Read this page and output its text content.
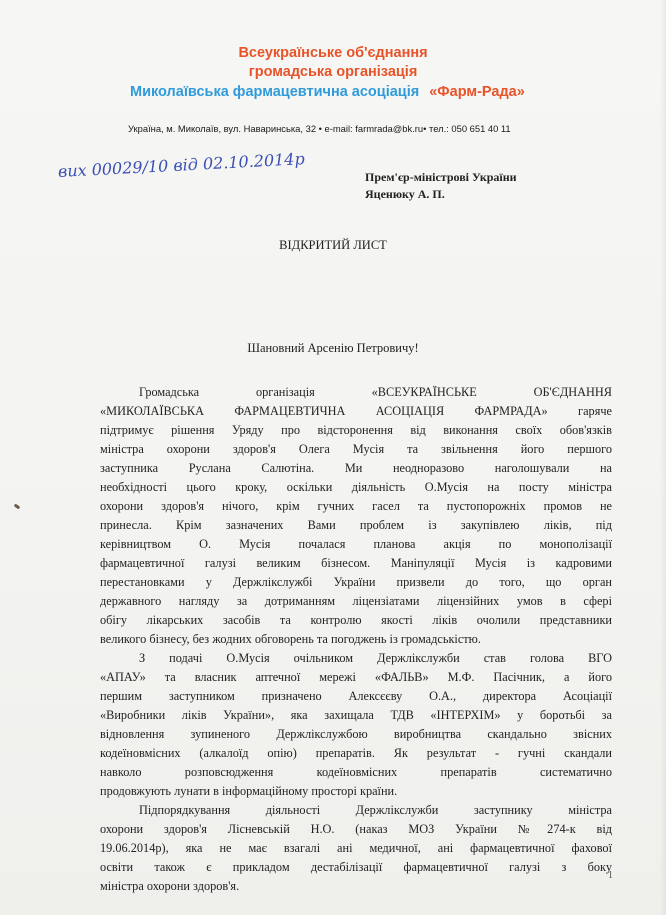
Всеукраїнське об'єднання
громадська організація
Миколаївська фармацевтична асоціація «Фарм-Рада»
Україна, м. Миколаїв, вул. Наваринська, 32 • e-mail: farmrada@bk.ru• тел.: 050 651 40 11
вих 00029/10 від 02.10.2014р	Прем'єр-міністрові України
Яценюку А. П.
ВІДКРИТИЙ ЛИСТ
Шановний Арсенію Петровичу!
Громадська організація «ВСЕУКРАЇНСЬКЕ ОБ'ЄДНАННЯ
«МИКОЛАЇВСЬКА ФАРМАЦЕВТИЧНА АСОЦІАЦІЯ ФАРМРАДА» гаряче
підтримує рішення Уряду про відсторонення від виконання своїх обов'язків
міністра охорони здоров'я Олега Мусія та звільнення його першого
заступника Руслана Салютіна. Ми неодноразово наголошували на
необхідності цього кроку, оскільки діяльність О.Мусія на посту міністра
охорони здоров'я нічого, крім гучних гасел та пустопорожніх промов не
принесла. Крім зазначених Вами проблем із закупівлею ліків, під
керівництвом О. Мусія почалася планова акція по монополізації
фармацевтичної галузі великим бізнесом. Маніпуляції Мусія із кадровими
перестановками у Держлікслужбі України призвели до того, що орган
державного нагляду за дотриманням ліцензіатами ліцензійних умов в сфері
обігу лікарських засобів та контролю якості ліків очолили представники
великого бізнесу, без жодних обговорень та погоджень із громадськістю.
З подачі О.Мусія очільником Держлікслужби став голова ВГО
«АПАУ» та власник аптечної мережі «ФАЛЬВ» М.Ф. Пасічник, а його
першим заступником призначено Алексєєву О.А., директора Асоціації
«Виробники ліків України», яка захищала ТДВ «ІНТЕРХІМ» у боротьбі за
відновлення зупиненого Держлікслужбою виробництва скандально звісних
кодеїновмісних (алкалоїд опію) препаратів. Як результат - гучні скандали
навколо розповсюдження кодеїновмісних препаратів систематично
продовжують лунати в інформаційному просторі країни.
Підпорядкування діяльності Держлікслужби заступнику міністра
охорони здоров'я Лісневській Н.О. (наказ МОЗ України №274-к від
19.06.2014р), яка не має взагалі ані медичної, ані фармацевтичної фахової
освіти також є прикладом дестабілізації фармацевтичної галузі з боку
міністра охорони здоров'я.
1
